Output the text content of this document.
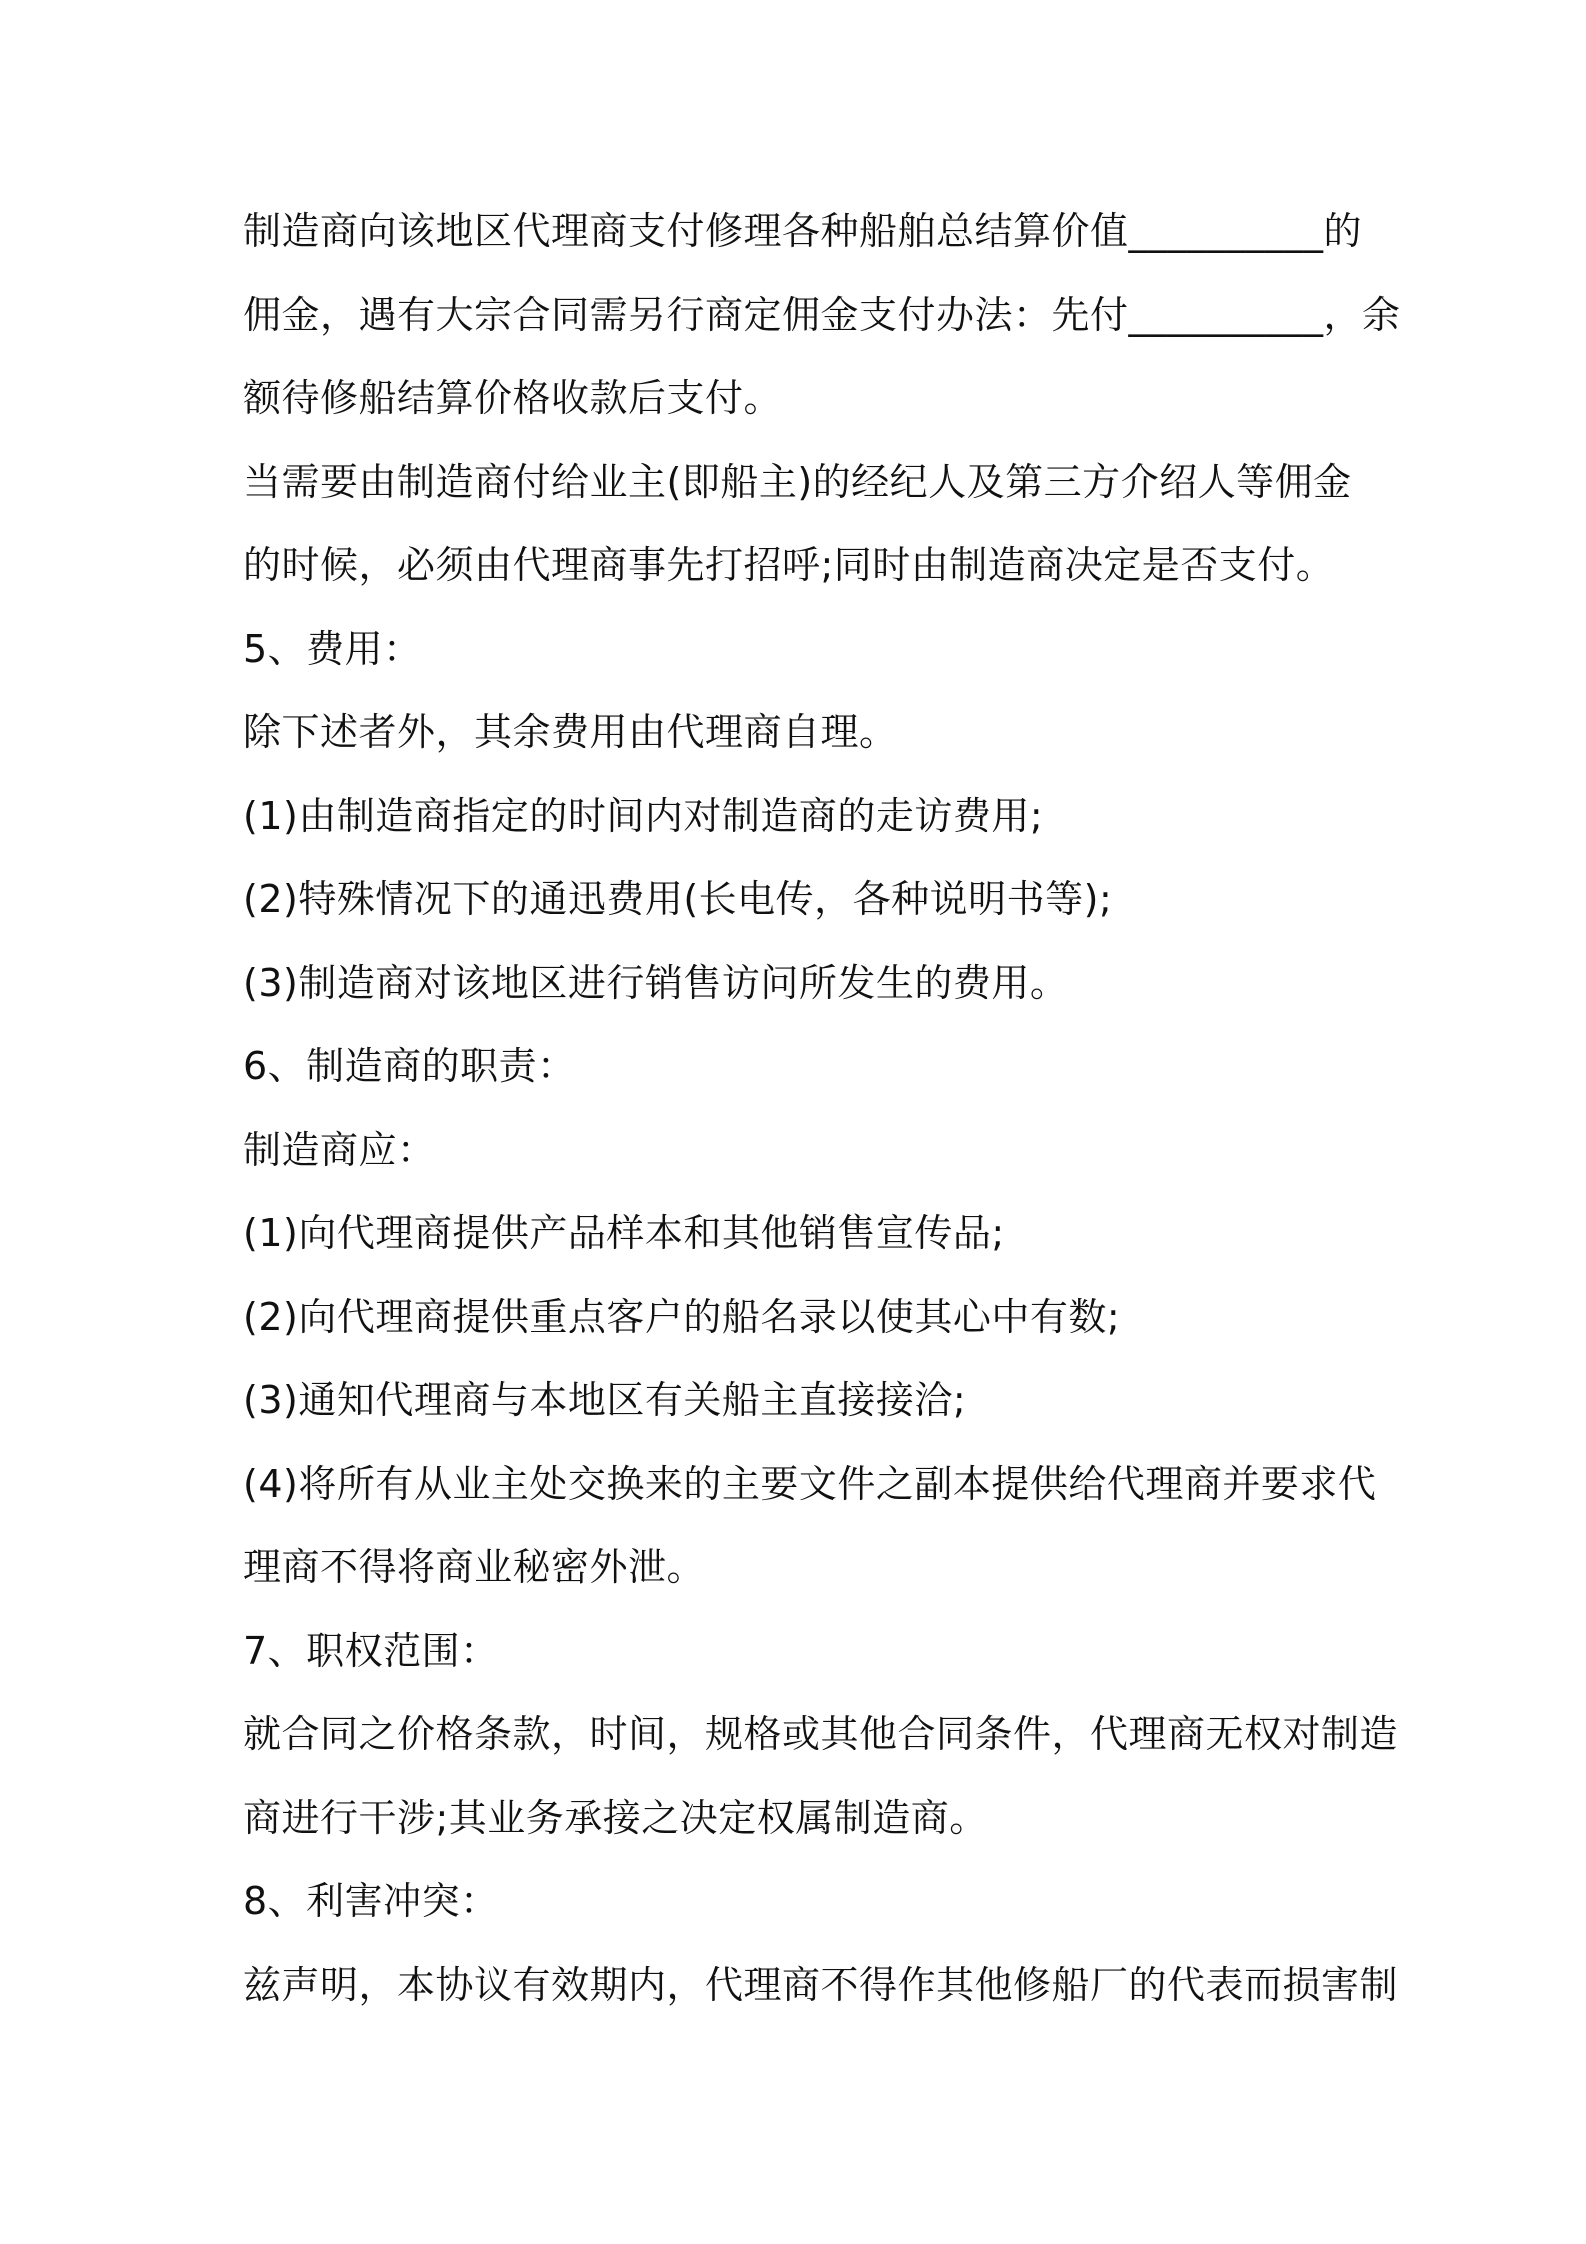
制造商向该地区代理商支付修理各种船舶总结算价值__________的
佣金，遇有大宗合同需另行商定佣金支付办法：先付__________，余
额待修船结算价格收款后支付。
当需要由制造商付给业主(即船主)的经纪人及第三方介绍人等佣金
的时候，必须由代理商事先打招呼;同时由制造商决定是否支付。
5、费用：
除下述者外，其余费用由代理商自理。
(1)由制造商指定的时间内对制造商的走访费用;
(2)特殊情况下的通迅费用(长电传，各种说明书等);
(3)制造商对该地区进行销售访问所发生的费用。
6、制造商的职责：
制造商应：
(1)向代理商提供产品样本和其他销售宣传品;
(2)向代理商提供重点客户的船名录以使其心中有数;
(3)通知代理商与本地区有关船主直接接洽;
(4)将所有从业主处交换来的主要文件之副本提供给代理商并要求代
理商不得将商业秘密外泄。
7、职权范围：
就合同之价格条款，时间，规格或其他合同条件，代理商无权对制造
商进行干涉;其业务承接之决定权属制造商。
8、利害冲突：
兹声明，本协议有效期内，代理商不得作其他修船厂的代表而损害制
